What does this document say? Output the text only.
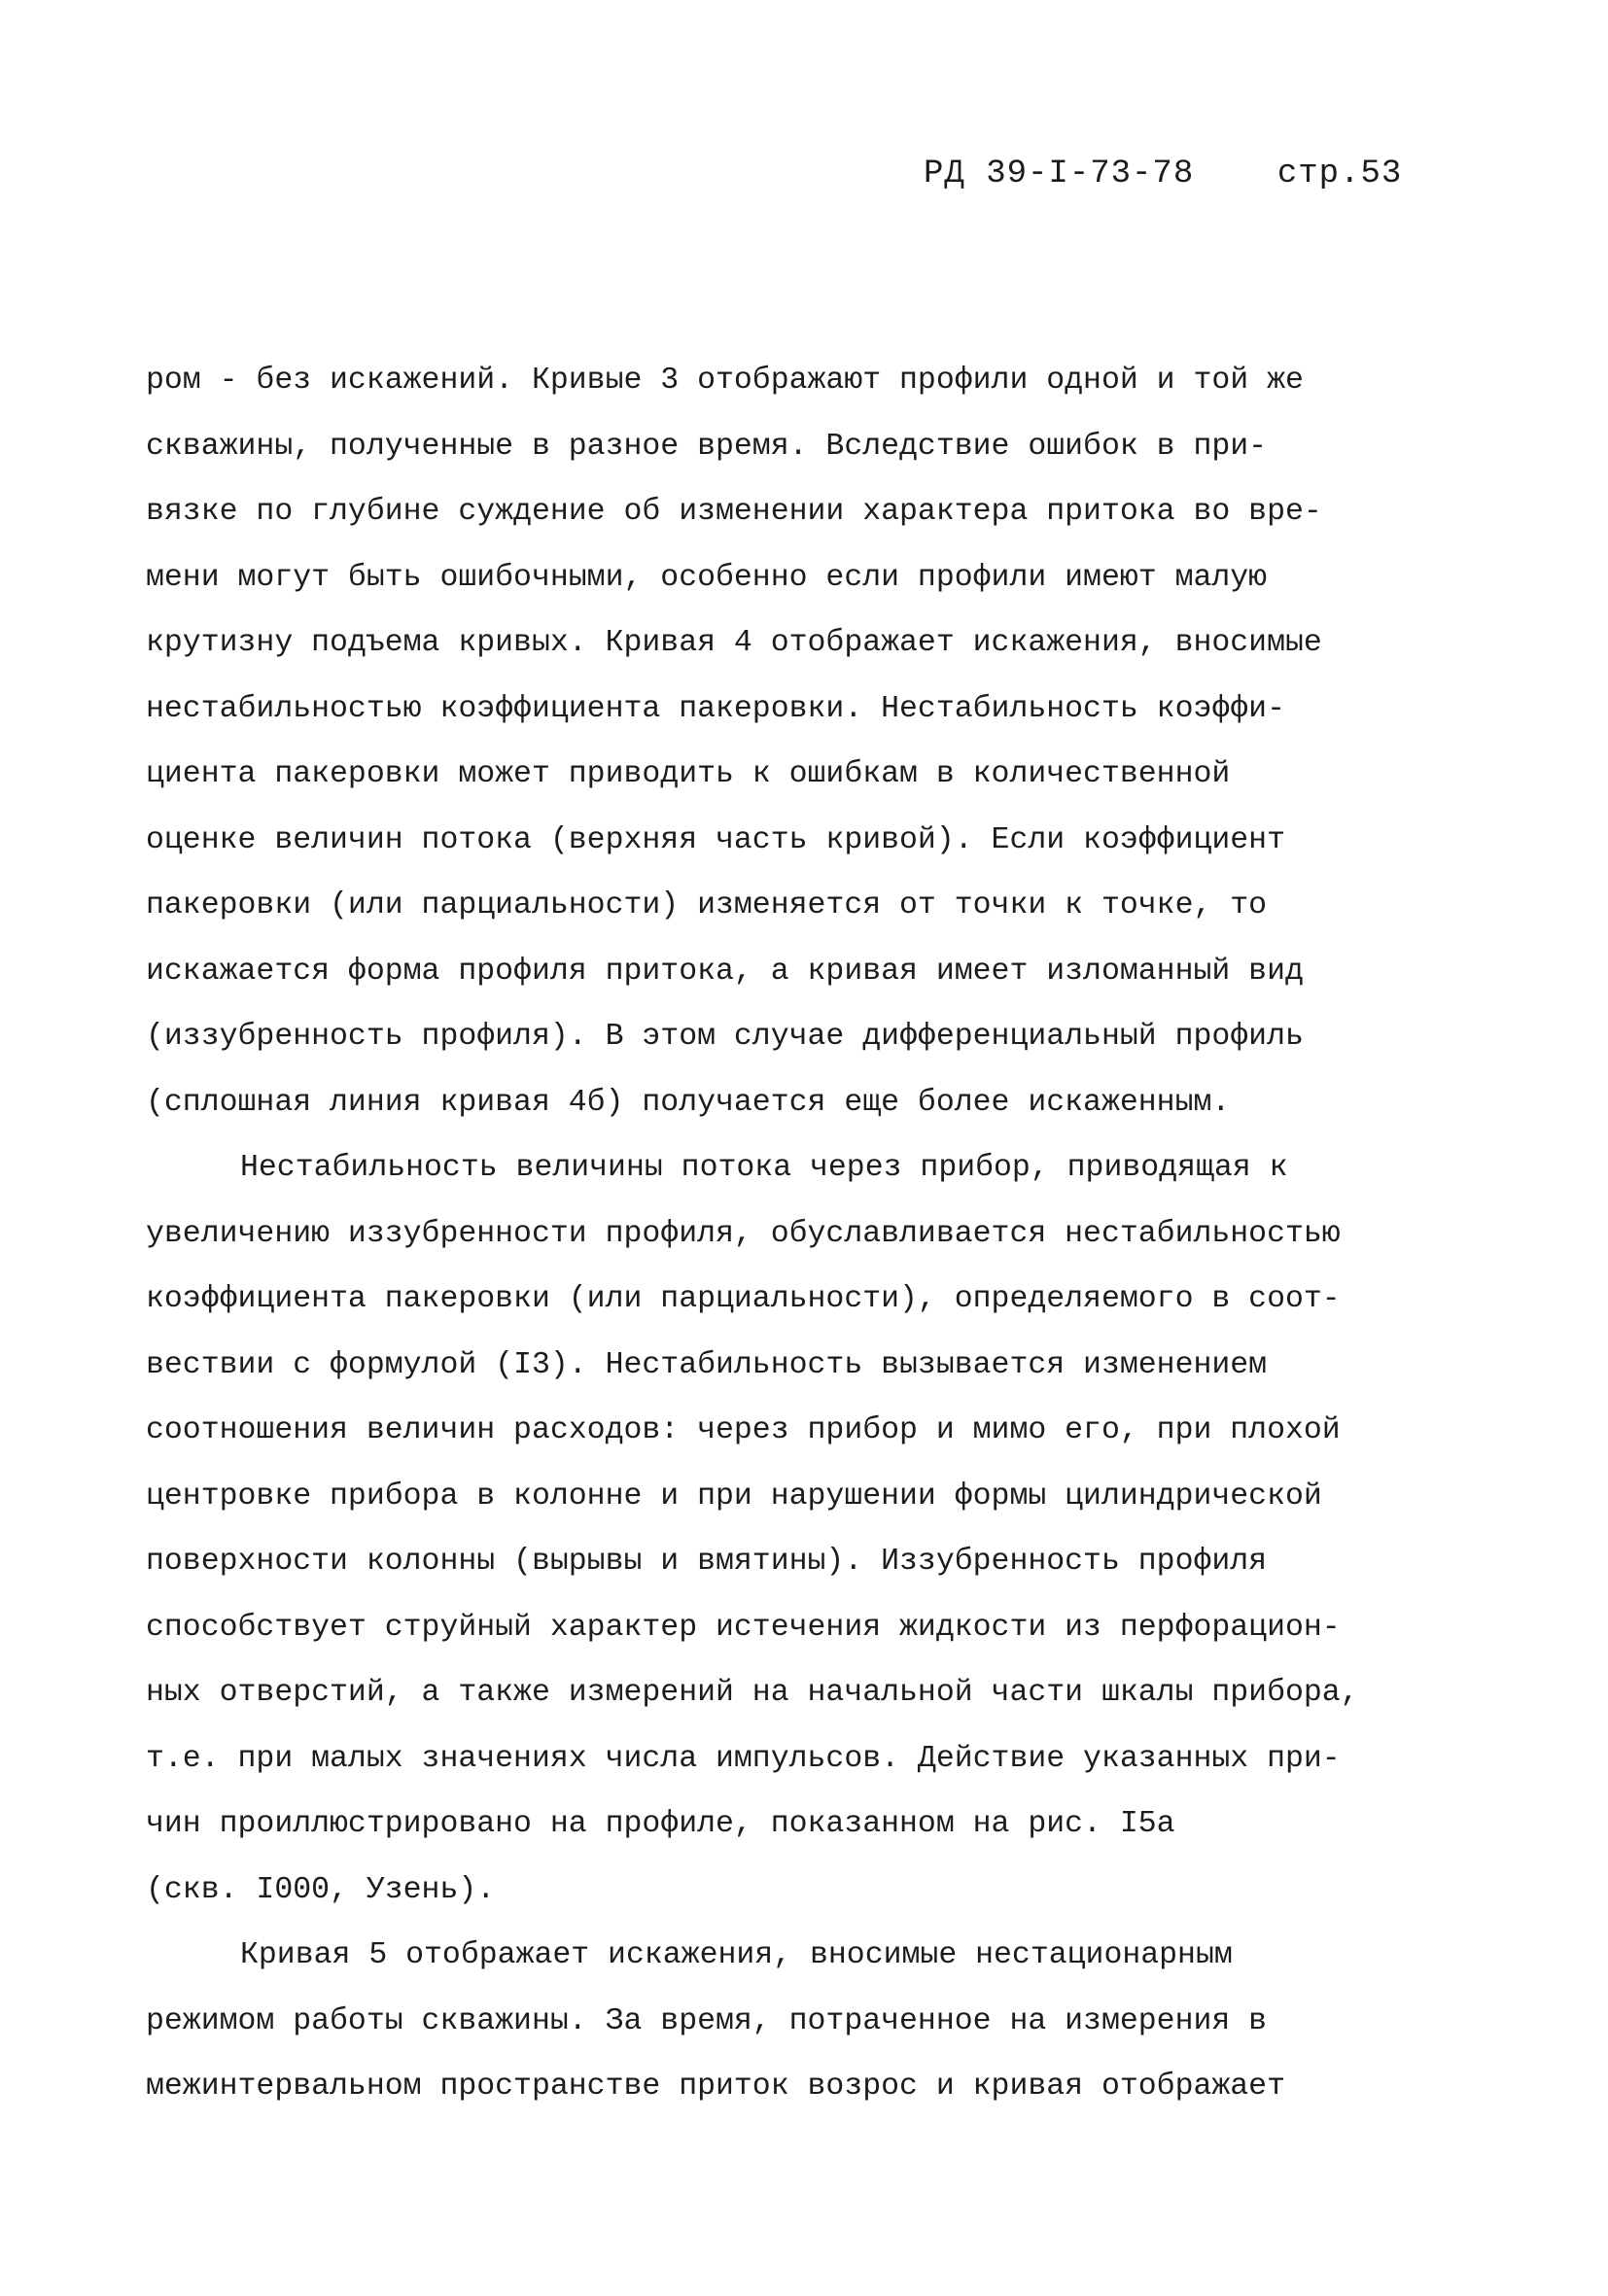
РД 39-I-73-78	стр.53
ром - без искажений. Кривые 3 отображают профили одной и той же
скважины, полученные в разное время. Вследствие ошибок в при-
вязке по глубине суждение об изменении характера притока во вре-
мени могут быть ошибочными, особенно если профили имеют малую
крутизну подъема кривых. Кривая 4 отображает искажения, вносимые
нестабильностью коэффициента пакеровки. Нестабильность коэффи-
циента пакеровки может приводить к ошибкам в количественной
оценке величин потока (верхняя часть кривой). Если коэффициент
пакеровки (или парциальности) изменяется от точки к точке, то
искажается форма профиля притока, а кривая имеет изломанный вид
(иззубренность профиля). В этом случае дифференциальный профиль
(сплошная линия кривая 4б) получается еще более искаженным.
Нестабильность величины потока через прибор, приводящая к
увеличению иззубренности профиля, обуславливается нестабильностью
коэффициента пакеровки (или парциальности), определяемого в соот-
вествии с формулой (I3). Нестабильность вызывается изменением
соотношения величин расходов: через прибор и мимо его, при плохой
центровке прибора в колонне и при нарушении формы цилиндрической
поверхности колонны (вырывы и вмятины). Иззубренность профиля
способствует струйный характер истечения жидкости из перфорацион-
ных отверстий, а также измерений на начальной части шкалы прибора,
т.е. при малых значениях числа импульсов. Действие указанных при-
чин проиллюстрировано на профиле, показанном на рис. I5а
(скв. I000, Узень).
Кривая 5 отображает искажения, вносимые нестационарным
режимом работы скважины. За время, потраченное на измерения в
межинтервальном пространстве приток возрос и кривая отображает
